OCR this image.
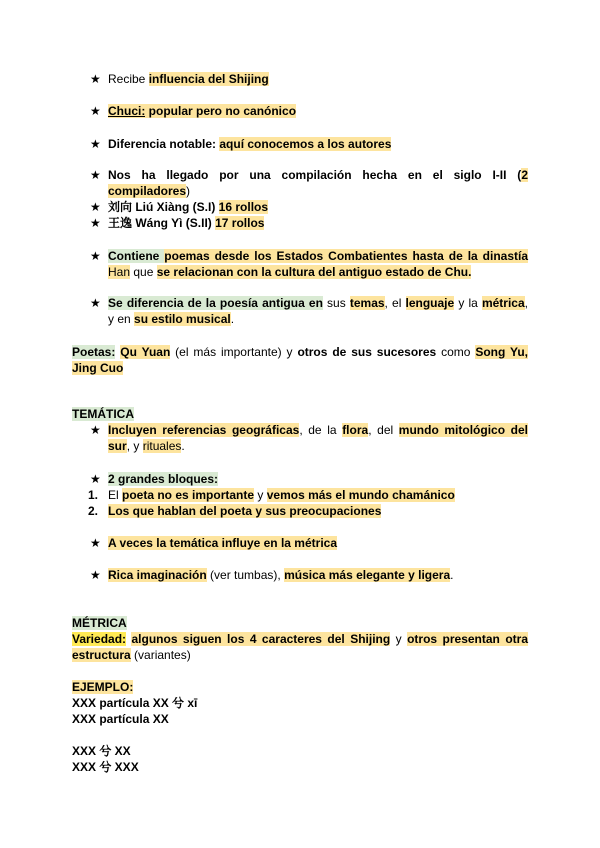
★ Recibe influencia del Shijing
★ Chuci: popular pero no canónico
★ Diferencia notable: aquí conocemos a los autores
★ Nos ha llegado por una compilación hecha en el siglo I-II (2
compiladores)
★ 刘向 Liú Xiàng (S.I) 16 rollos
★ 王逸 Wáng Yì (S.II) 17 rollos
★ Contiene poemas desde los Estados Combatientes hasta de la dinastía
Han que se relacionan con la cultura del antiguo estado de Chu.
★ Se diferencia de la poesía antigua en sus temas, el lenguaje y la métrica,
y en su estilo musical.
Poetas: Qu Yuan (el más importante) y otros de sus sucesores como Song Yu,
Jing Cuo
TEMÁTICA
★ Incluyen referencias geográficas, de la flora, del mundo mitológico del
sur, y rituales.
★ 2 grandes bloques:
1. El poeta no es importante y vemos más el mundo chamánico
2. Los que hablan del poeta y sus preocupaciones
★ A veces la temática influye en la métrica
★ Rica imaginación (ver tumbas), música más elegante y ligera.
MÉTRICA
Variedad: algunos siguen los 4 caracteres del Shijing y otros presentan otra
estructura (variantes)
EJEMPLO:
XXX partícula XX 兮 xī
XXX partícula XX
XXX 兮 XX
XXX 兮 XXX
